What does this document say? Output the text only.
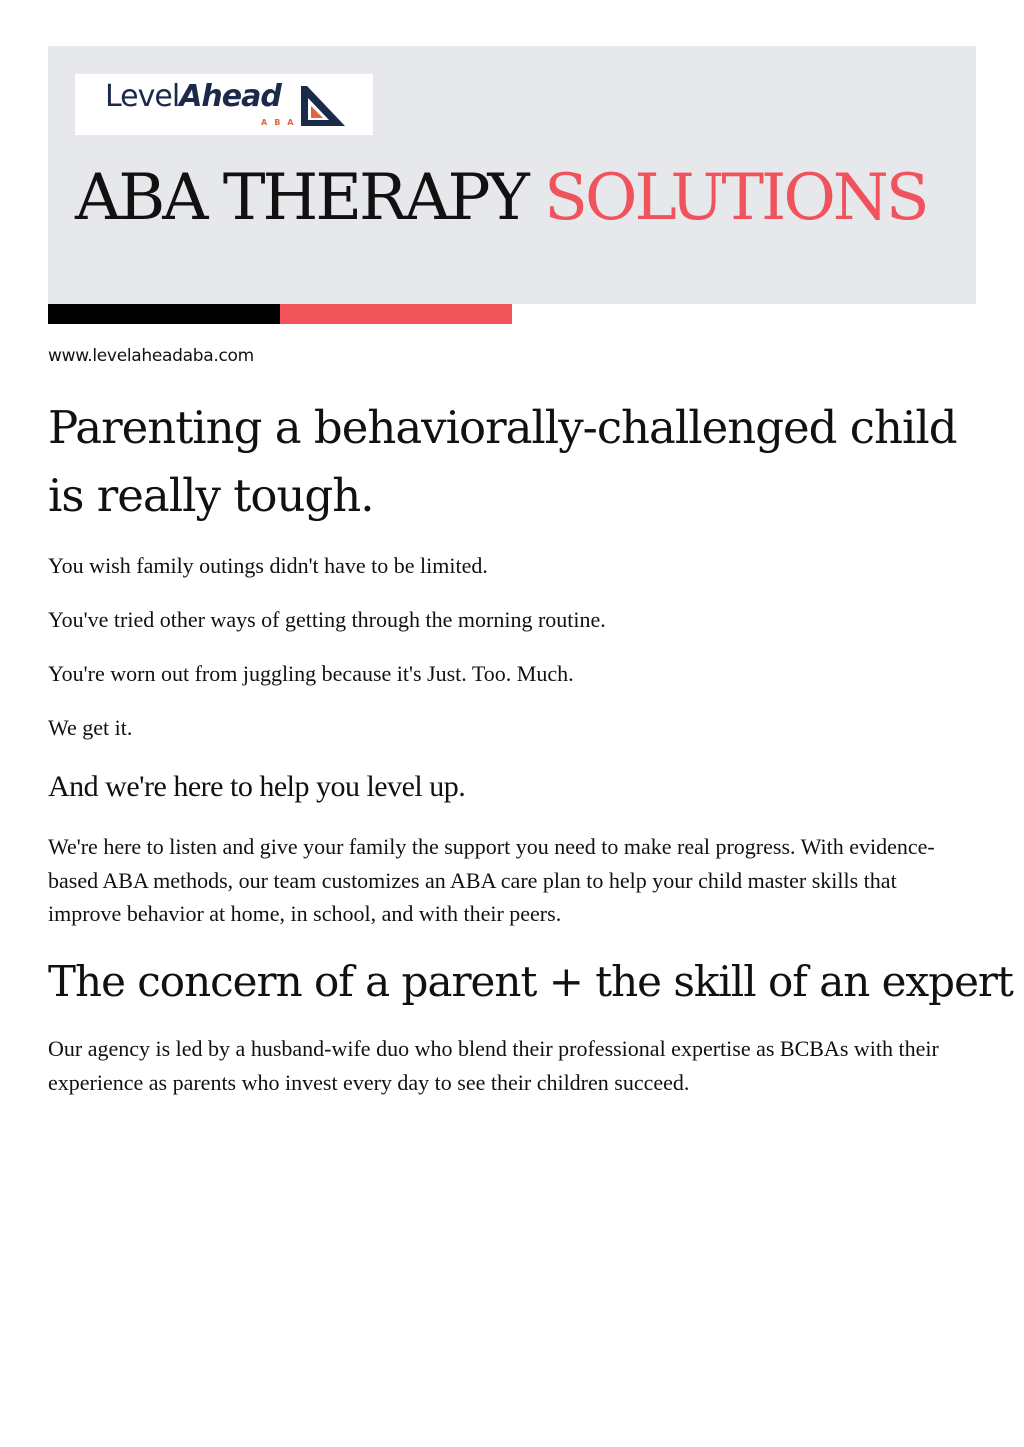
LevelAhead
ABA
ABA THERAPY SOLUTIONS
www.levelaheadaba.com
Parenting a behaviorally-challenged child is really tough.

You wish family outings didn't have to be limited.

You've tried other ways of getting through the morning routine.

You're worn out from juggling because it's Just. Too. Much.

We get it.

And we're here to help you level up.

We're here to listen and give your family the support you need to make real progress. With evidence-based ABA methods, our team customizes an ABA care plan to help your child master skills that improve behavior at home, in school, and with their peers.

The concern of a parent + the skill of an expert

Our agency is led by a husband-wife duo who blend their professional expertise as BCBAs with their experience as parents who invest every day to see their children succeed.
